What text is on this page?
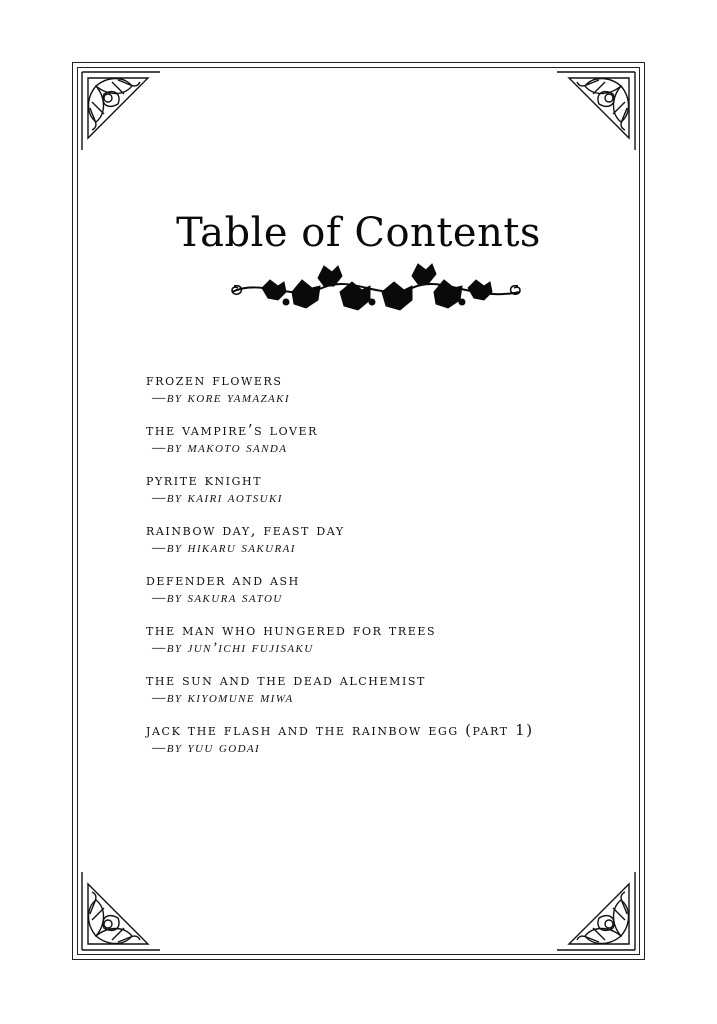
Table of Contents
frozen flowers
—by kore yamazaki
the vampire’s lover
—by makoto sanda
pyrite knight
—by kairi aotsuki
rainbow day, feast day
—by hikaru sakurai
defender and ash
—by sakura satou
the man who hungered for trees
—by jun’ichi fujisaku
the sun and the dead alchemist
—by kiyomune miwa
jack the flash and the rainbow egg (part 1)
—by yuu godai
